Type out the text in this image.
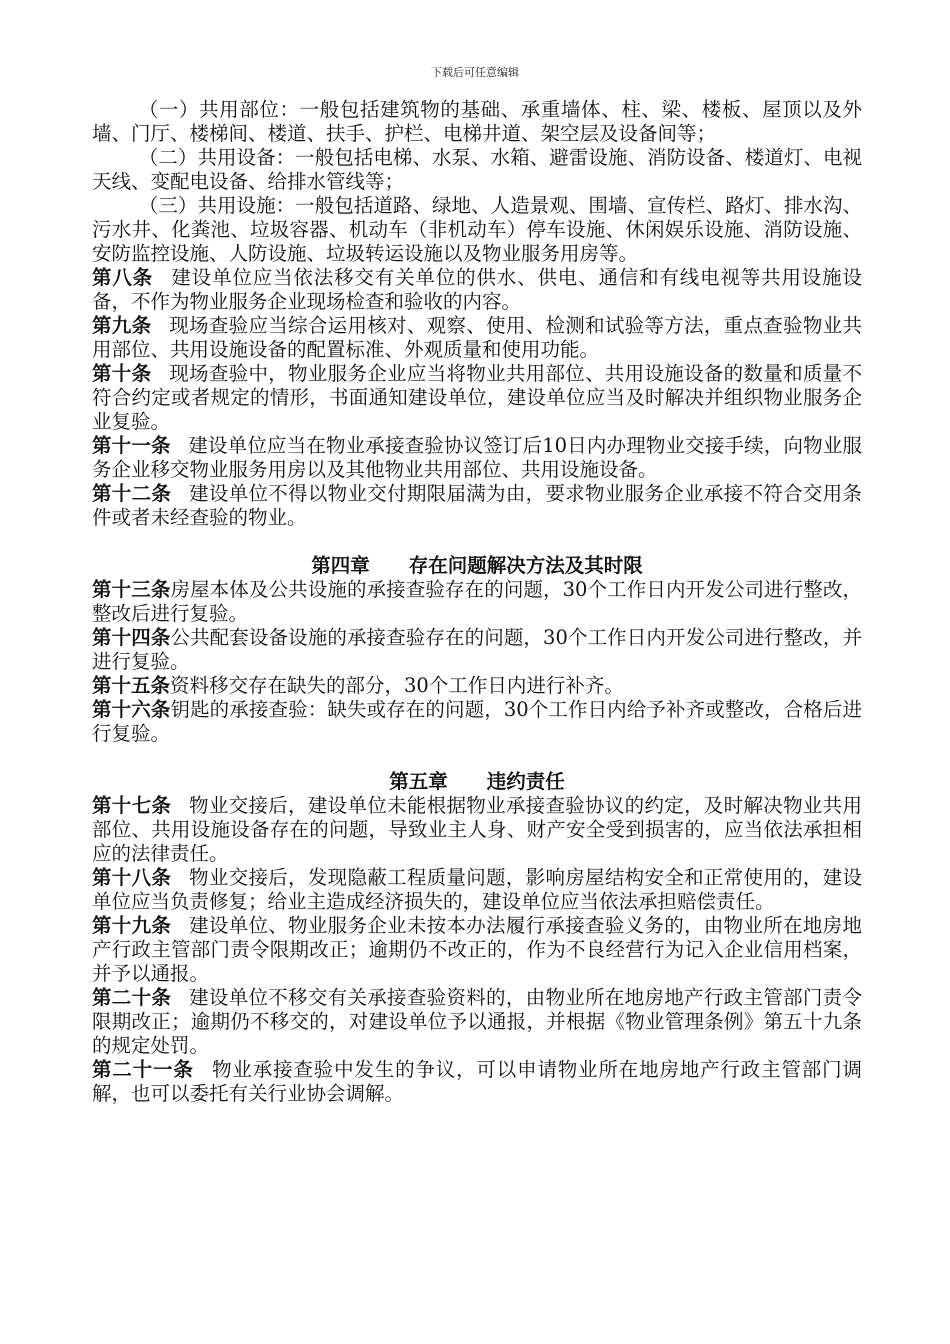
下载后可任意编辑

（一）共用部位：一般包括建筑物的基础、承重墙体、柱、梁、楼板、屋顶以及外墙、门厅、楼梯间、楼道、扶手、护栏、电梯井道、架空层及设备间等；

（二）共用设备：一般包括电梯、水泵、水箱、避雷设施、消防设备、楼道灯、电视天线、变配电设备、给排水管线等；

（三）共用设施：一般包括道路、绿地、人造景观、围墙、宣传栏、路灯、排水沟、污水井、化粪池、垃圾容器、机动车（非机动车）停车设施、休闲娱乐设施、消防设施、安防监控设施、人防设施、垃圾转运设施以及物业服务用房等。

第八条 建设单位应当依法移交有关单位的供水、供电、通信和有线电视等共用设施设备，不作为物业服务企业现场检查和验收的内容。

第九条 现场查验应当综合运用核对、观察、使用、检测和试验等方法，重点查验物业共用部位、共用设施设备的配置标准、外观质量和使用功能。

第十条 现场查验中，物业服务企业应当将物业共用部位、共用设施设备的数量和质量不符合约定或者规定的情形，书面通知建设单位，建设单位应当及时解决并组织物业服务企业复验。

第十一条 建设单位应当在物业承接查验协议签订后10日内办理物业交接手续，向物业服务企业移交物业服务用房以及其他物业共用部位、共用设施设备。

第十二条 建设单位不得以物业交付期限届满为由，要求物业服务企业承接不符合交用条件或者未经查验的物业。

第四章 存在问题解决方法及其时限

第十三条房屋本体及公共设施的承接查验存在的问题，30个工作日内开发公司进行整改，整改后进行复验。

第十四条公共配套设备设施的承接查验存在的问题，30个工作日内开发公司进行整改，并进行复验。

第十五条资料移交存在缺失的部分，30个工作日内进行补齐。

第十六条钥匙的承接查验：缺失或存在的问题，30个工作日内给予补齐或整改，合格后进行复验。

第五章 违约责任

第十七条 物业交接后，建设单位未能根据物业承接查验协议的约定，及时解决物业共用部位、共用设施设备存在的问题，导致业主人身、财产安全受到损害的，应当依法承担相应的法律责任。

第十八条 物业交接后，发现隐蔽工程质量问题，影响房屋结构安全和正常使用的，建设单位应当负责修复；给业主造成经济损失的，建设单位应当依法承担赔偿责任。

第十九条 建设单位、物业服务企业未按本办法履行承接查验义务的，由物业所在地房地产行政主管部门责令限期改正；逾期仍不改正的，作为不良经营行为记入企业信用档案，并予以通报。

第二十条 建设单位不移交有关承接查验资料的，由物业所在地房地产行政主管部门责令限期改正；逾期仍不移交的，对建设单位予以通报，并根据《物业管理条例》第五十九条的规定处罚。

第二十一条 物业承接查验中发生的争议，可以申请物业所在地房地产行政主管部门调解，也可以委托有关行业协会调解。
